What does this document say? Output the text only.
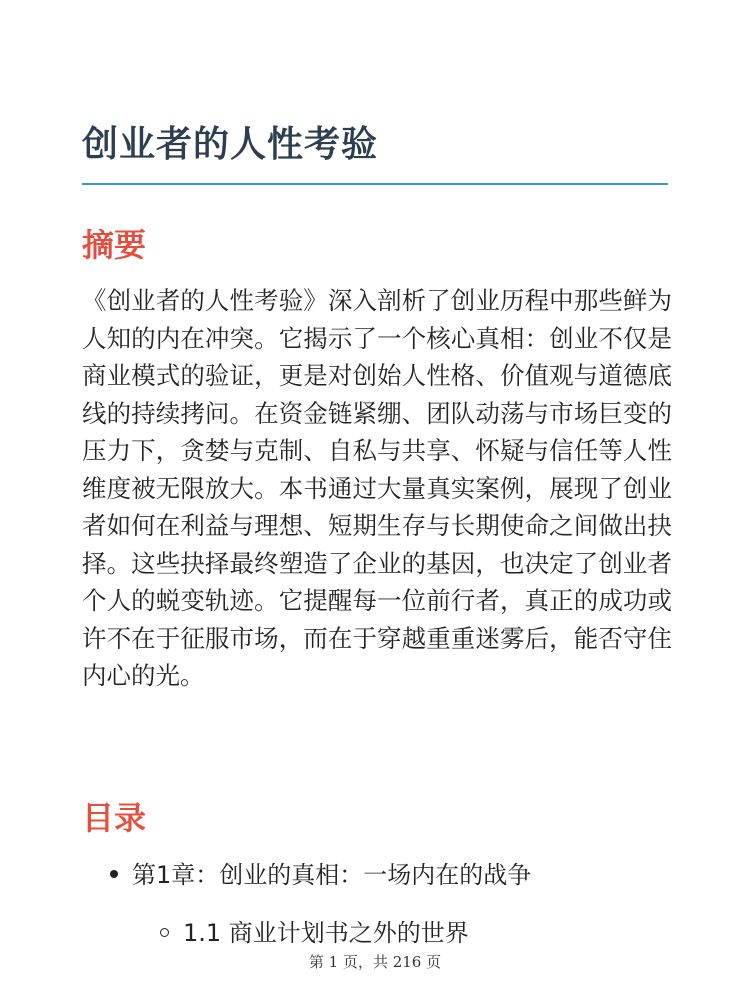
创业者的人性考验
摘要

《创业者的人性考验》深入剖析了创业历程中那些鲜为人知的内在冲突。它揭示了一个核心真相：创业不仅是商业模式的验证，更是对创始人性格、价值观与道德底线的持续拷问。在资金链紧绷、团队动荡与市场巨变的压力下，贪婪与克制、自私与共享、怀疑与信任等人性维度被无限放大。本书通过大量真实案例，展现了创业者如何在利益与理想、短期生存与长期使命之间做出抉择。这些抉择最终塑造了企业的基因，也决定了创业者个人的蜕变轨迹。它提醒每一位前行者，真正的成功或许不在于征服市场，而在于穿越重重迷雾后，能否守住内心的光。

目录
第1章：创业的真相：一场内在的战争
1.1 商业计划书之外的世界
第 1 页，共 216 页
